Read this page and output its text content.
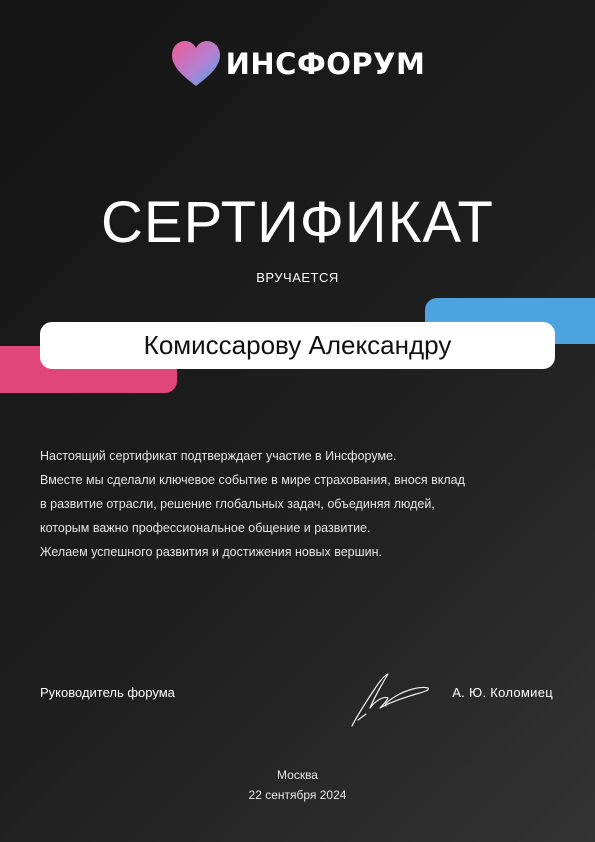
ИНСФОРУМ
СЕРТИФИКАТ
ВРУЧАЕТСЯ
Комиссарову Александру
Настоящий сертификат подтверждает участие в Инсфоруме.
Вместе мы сделали ключевое событие в мире страхования, внося вклад
в развитие отрасли, решение глобальных задач, объединяя людей,
которым важно профессиональное общение и развитие.
Желаем успешного развития и достижения новых вершин.
Руководитель форума	А. Ю. Коломиец
Москва
22 сентября 2024
